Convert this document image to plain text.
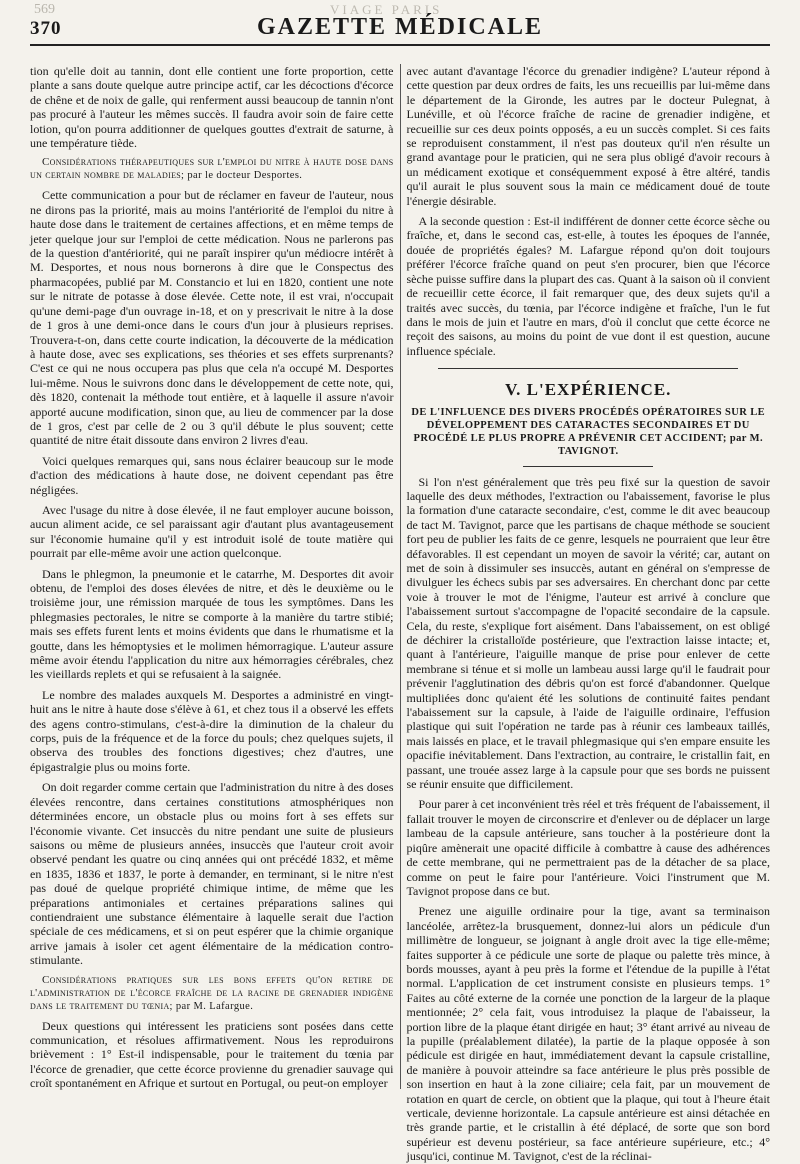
569	VIAGE PARIS
370	GAZETTE MÉDICALE

tion qu'elle doit au tannin, dont elle contient une forte proportion, cette plante a sans doute quelque autre principe actif, car les décoctions d'écorce de chêne et de noix de galle, qui renferment aussi beaucoup de tannin n'ont pas procuré à l'auteur les mêmes succès. Il faudra avoir soin de faire cette lotion, qu'on pourra additionner de quelques gouttes d'extrait de saturne, à une température tiède.

Considérations thérapeutiques sur l'emploi du nitre à haute dose dans un certain nombre de maladies; par le docteur Desportes.

Cette communication a pour but de réclamer en faveur de l'auteur, nous ne dirons pas la priorité, mais au moins l'antériorité de l'emploi du nitre à haute dose dans le traitement de certaines affections, et en même temps de jeter quelque jour sur l'emploi de cette médication. Nous ne parlerons pas de la question d'antériorité, qui ne paraît inspirer qu'un médiocre intérêt à M. Desportes, et nous nous bornerons à dire que le Conspectus des pharmacopées, publié par M. Constancio et lui en 1820, contient une note sur le nitrate de potasse à dose élevée. Cette note, il est vrai, n'occupait qu'une demi-page d'un ouvrage in-18, et on y prescrivait le nitre à la dose de 1 gros à une demi-once dans le cours d'un jour à plusieurs reprises. Trouvera-t-on, dans cette courte indication, la découverte de la médication à haute dose, avec ses explications, ses théories et ses effets surprenants? C'est ce qui ne nous occupera pas plus que cela n'a occupé M. Desportes lui-même. Nous le suivrons donc dans le développement de cette note, qui, dès 1820, contenait la méthode tout entière, et à laquelle il assure n'avoir apporté aucune modification, sinon que, au lieu de commencer par la dose de 1 gros, c'est par celle de 2 ou 3 qu'il débute le plus souvent; cette quantité de nitre était dissoute dans environ 2 livres d'eau.

Voici quelques remarques qui, sans nous éclairer beaucoup sur le mode d'action des médications à haute dose, ne doivent cependant pas être négligées.

Avec l'usage du nitre à dose élevée, il ne faut employer aucune boisson, aucun aliment acide, ce sel paraissant agir d'autant plus avantageusement sur l'économie humaine qu'il y est introduit isolé de toute matière qui pourrait par elle-même avoir une action quelconque.

Dans le phlegmon, la pneumonie et le catarrhe, M. Desportes dit avoir obtenu, de l'emploi des doses élevées de nitre, et dès le deuxième ou le troisième jour, une rémission marquée de tous les symptômes. Dans les phlegmasies pectorales, le nitre se comporte à la manière du tartre stibié; mais ses effets furent lents et moins évidents que dans le rhumatisme et la goutte, dans les hémoptysies et le molimen hémorragique. L'auteur assure même avoir étendu l'application du nitre aux hémorragies cérébrales, chez les vieillards replets et qui se refusaient à la saignée.

Le nombre des malades auxquels M. Desportes a administré en vingt-huit ans le nitre à haute dose s'élève à 61, et chez tous il a observé les effets des agens contro-stimulans, c'est-à-dire la diminution de la chaleur du corps, puis de la fréquence et de la force du pouls; chez quelques sujets, il observa des troubles des fonctions digestives; chez d'autres, une épigastralgie plus ou moins forte.

On doit regarder comme certain que l'administration du nitre à des doses élevées rencontre, dans certaines constitutions atmosphériques non déterminées encore, un obstacle plus ou moins fort à ses effets sur l'économie vivante. Cet insuccès du nitre pendant une suite de plusieurs saisons ou même de plusieurs années, insuccès que l'auteur croit avoir observé pendant les quatre ou cinq années qui ont précédé 1832, et même en 1835, 1836 et 1837, le porte à demander, en terminant, si le nitre n'est pas doué de quelque propriété chimique intime, de même que les préparations antimoniales et certaines préparations salines qui contiendraient une substance élémentaire à laquelle serait due l'action spéciale de ces médicamens, et si on peut espérer que la chimie organique arrive jamais à isoler cet agent élémentaire de la médication contro-stimulante.

Considérations pratiques sur les bons effets qu'on retire de l'administration de l'écorce fraîche de la racine de grenadier indigène dans le traitement du tœnia; par M. Lafargue.

Deux questions qui intéressent les praticiens sont posées dans cette communication, et résolues affirmativement. Nous les reproduirons brièvement : 1° Est-il indispensable, pour le traitement du tœnia par l'écorce de grenadier, que cette écorce provienne du grenadier sauvage qui croît spontanément en Afrique et surtout en Portugal, ou peut-on employer

avec autant d'avantage l'écorce du grenadier indigène? L'auteur répond à cette question par deux ordres de faits, les uns recueillis par lui-même dans le département de la Gironde, les autres par le docteur Pulegnat, à Lunéville, et où l'écorce fraîche de racine de grenadier indigène, et recueillie sur ces deux points opposés, a eu un succès complet. Si ces faits se reproduisent constamment, il n'est pas douteux qu'il n'en résulte un grand avantage pour le praticien, qui ne sera plus obligé d'avoir recours à un médicament exotique et conséquemment exposé à être altéré, tandis qu'il aurait le plus souvent sous la main ce médicament doué de toute l'énergie désirable.

A la seconde question : Est-il indifférent de donner cette écorce sèche ou fraîche, et, dans le second cas, est-elle, à toutes les époques de l'année, douée de propriétés égales? M. Lafargue répond qu'on doit toujours préférer l'écorce fraîche quand on peut s'en procurer, bien que l'écorce sèche puisse suffire dans la plupart des cas. Quant à la saison où il convient de recueillir cette écorce, il fait remarquer que, des deux sujets qu'il a traités avec succès, du tœnia, par l'écorce indigène et fraîche, l'un le fut dans le mois de juin et l'autre en mars, d'où il conclut que cette écorce ne reçoit des saisons, au moins du point de vue dont il est question, aucune influence spéciale.

V. L'EXPÉRIENCE.
DE L'INFLUENCE DES DIVERS PROCÉDÉS OPÉRATOIRES SUR LE DÉVELOPPEMENT DES CATARACTES SECONDAIRES ET DU PROCÉDÉ LE PLUS PROPRE A PRÉVENIR CET ACCIDENT; par M. TAVIGNOT.

Si l'on n'est généralement que très peu fixé sur la question de savoir laquelle des deux méthodes, l'extraction ou l'abaissement, favorise le plus la formation d'une cataracte secondaire, c'est, comme le dit avec beaucoup de tact M. Tavignot, parce que les partisans de chaque méthode se soucient fort peu de publier les faits de ce genre, lesquels ne pourraient que leur être défavorables. Il est cependant un moyen de savoir la vérité; car, autant on met de soin à dissimuler ses insuccès, autant en général on s'empresse de divulguer les échecs subis par ses adversaires. En cherchant donc par cette voie à trouver le mot de l'énigme, l'auteur est arrivé à conclure que l'abaissement surtout s'accompagne de l'opacité secondaire de la capsule. Cela, du reste, s'explique fort aisément. Dans l'abaissement, on est obligé de déchirer la cristalloïde postérieure, que l'extraction laisse intacte; et, quant à l'antérieure, l'aiguille manque de prise pour enlever de cette membrane si ténue et si molle un lambeau aussi large qu'il le faudrait pour prévenir l'agglutination des débris qu'on est forcé d'abandonner. Quelque multipliées donc qu'aient été les solutions de continuité faites pendant l'abaissement sur la capsule, à l'aide de l'aiguille ordinaire, l'effusion plastique qui suit l'opération ne tarde pas à réunir ces lambeaux taillés, mais laissés en place, et le travail phlegmasique qui s'en empare ensuite les opacifie inévitablement. Dans l'extraction, au contraire, le cristallin fait, en passant, une trouée assez large à la capsule pour que ses bords ne puissent se réunir ensuite que difficilement.

Pour parer à cet inconvénient très réel et très fréquent de l'abaissement, il fallait trouver le moyen de circonscrire et d'enlever ou de déplacer un large lambeau de la capsule antérieure, sans toucher à la postérieure dont la piqûre amènerait une opacité difficile à combattre à cause des adhérences de cette membrane, qui ne permettraient pas de la détacher de sa place, comme on peut le faire pour l'antérieure. Voici l'instrument que M. Tavignot propose dans ce but.

Prenez une aiguille ordinaire pour la tige, avant sa terminaison lancéolée, arrêtez-la brusquement, donnez-lui alors un pédicule d'un millimètre de longueur, se joignant à angle droit avec la tige elle-même; faites supporter à ce pédicule une sorte de plaque ou palette très mince, à bords mousses, ayant à peu près la forme et l'étendue de la pupille à l'état normal. L'application de cet instrument consiste en plusieurs temps. 1° Faites au côté externe de la cornée une ponction de la largeur de la plaque mentionnée; 2° cela fait, vous introduisez la plaque de l'abaisseur, la portion libre de la plaque étant dirigée en haut; 3° étant arrivé au niveau de la pupille (préalablement dilatée), la partie de la plaque opposée à son pédicule est dirigée en haut, immédiatement devant la capsule cristalline, de manière à pouvoir atteindre sa face antérieure le plus près possible de son insertion en haut à la zone ciliaire; cela fait, par un mouvement de rotation en quart de cercle, on obtient que la plaque, qui tout à l'heure était verticale, devienne horizontale. La capsule antérieure est ainsi détachée en très grande partie, et le cristallin à été déplacé, de sorte que son bord supérieur est devenu postérieur, sa face antérieure supérieure, etc.; 4° jusqu'ici, continue M. Tavignot, c'est de la réclinai-
